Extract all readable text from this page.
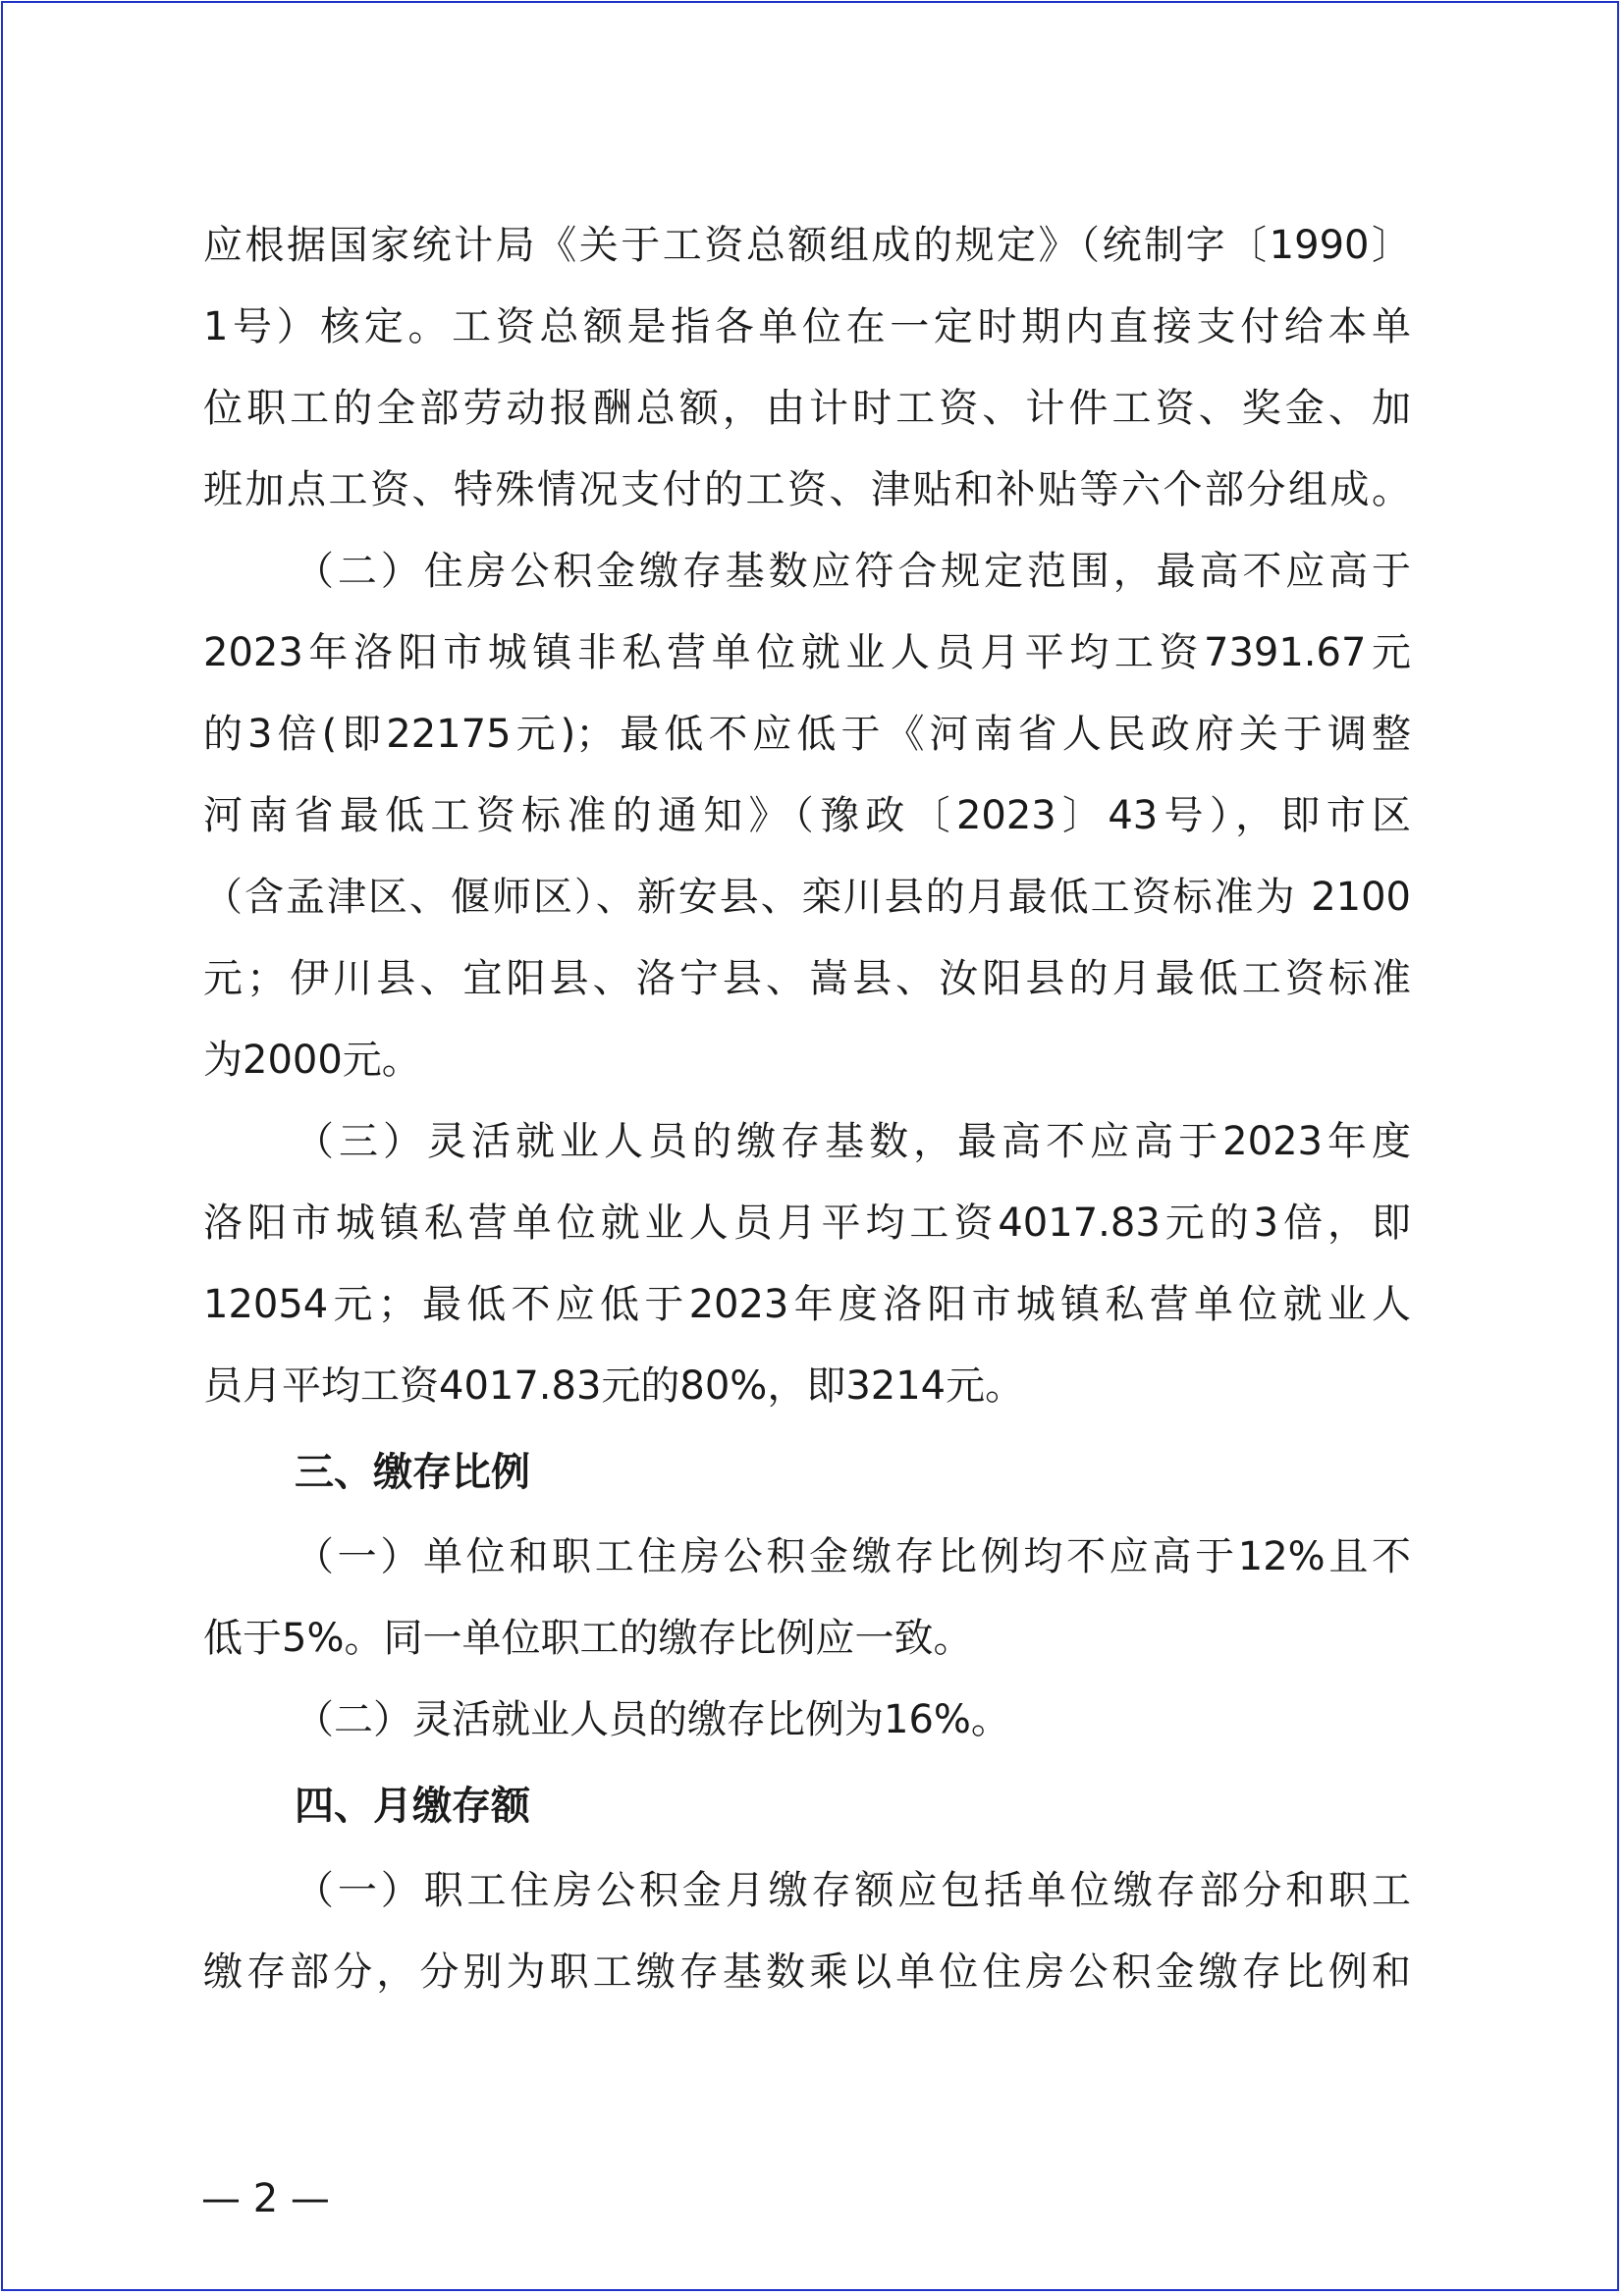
应根据国家统计局《关于工资总额组成的规定》（统制字〔1990〕
1号）核定。工资总额是指各单位在一定时期内直接支付给本单
位职工的全部劳动报酬总额，由计时工资、计件工资、奖金、加
班加点工资、特殊情况支付的工资、津贴和补贴等六个部分组成。
（二）住房公积金缴存基数应符合规定范围，最高不应高于
2023年洛阳市城镇非私营单位就业人员月平均工资7391.67元
的3倍(即22175元)；最低不应低于《河南省人民政府关于调整
河南省最低工资标准的通知》（豫政〔2023〕43号），即市区
（含孟津区、偃师区）、新安县、栾川县的月最低工资标准为 2100
元；伊川县、宜阳县、洛宁县、嵩县、汝阳县的月最低工资标准
为2000元。
（三）灵活就业人员的缴存基数，最高不应高于2023年度
洛阳市城镇私营单位就业人员月平均工资4017.83元的3倍，即
12054元；最低不应低于2023年度洛阳市城镇私营单位就业人
员月平均工资4017.83元的80%，即3214元。
三、缴存比例
（一）单位和职工住房公积金缴存比例均不应高于12%且不
低于5%。同一单位职工的缴存比例应一致。
（二）灵活就业人员的缴存比例为16%。
四、月缴存额
（一）职工住房公积金月缴存额应包括单位缴存部分和职工
缴存部分，分别为职工缴存基数乘以单位住房公积金缴存比例和
— 2 —
